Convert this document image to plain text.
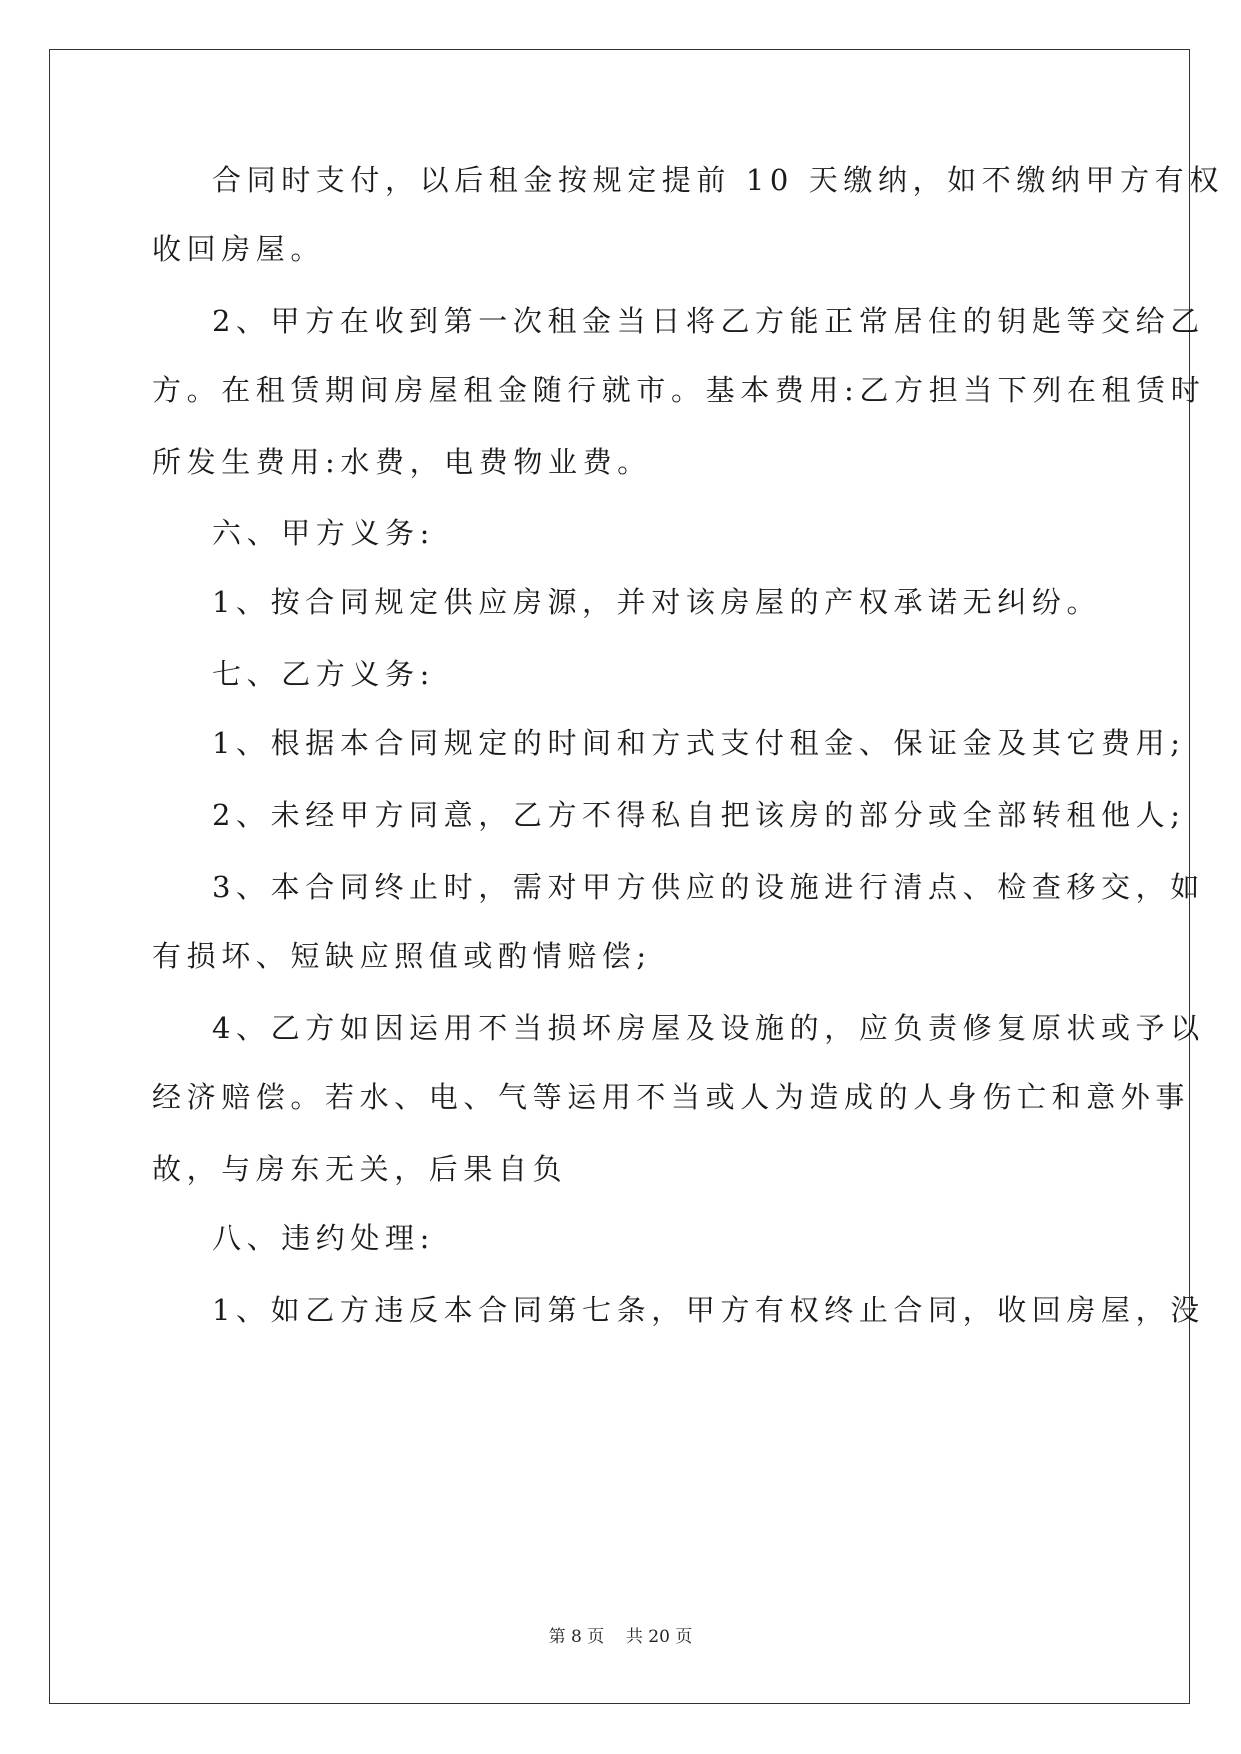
合同时支付，以后租金按规定提前 10 天缴纳，如不缴纳甲方有权
收回房屋。
2、甲方在收到第一次租金当日将乙方能正常居住的钥匙等交给乙
方。在租赁期间房屋租金随行就市。基本费用:乙方担当下列在租赁时
所发生费用:水费，电费物业费。
六、甲方义务:
1、按合同规定供应房源，并对该房屋的产权承诺无纠纷。
七、乙方义务:
1、根据本合同规定的时间和方式支付租金、保证金及其它费用;
2、未经甲方同意，乙方不得私自把该房的部分或全部转租他人;
3、本合同终止时，需对甲方供应的设施进行清点、检查移交，如
有损坏、短缺应照值或酌情赔偿;
4、乙方如因运用不当损坏房屋及设施的，应负责修复原状或予以
经济赔偿。若水、电、气等运用不当或人为造成的人身伤亡和意外事
故，与房东无关，后果自负
八、违约处理:
1、如乙方违反本合同第七条，甲方有权终止合同，收回房屋，没
第 8 页    共 20 页
